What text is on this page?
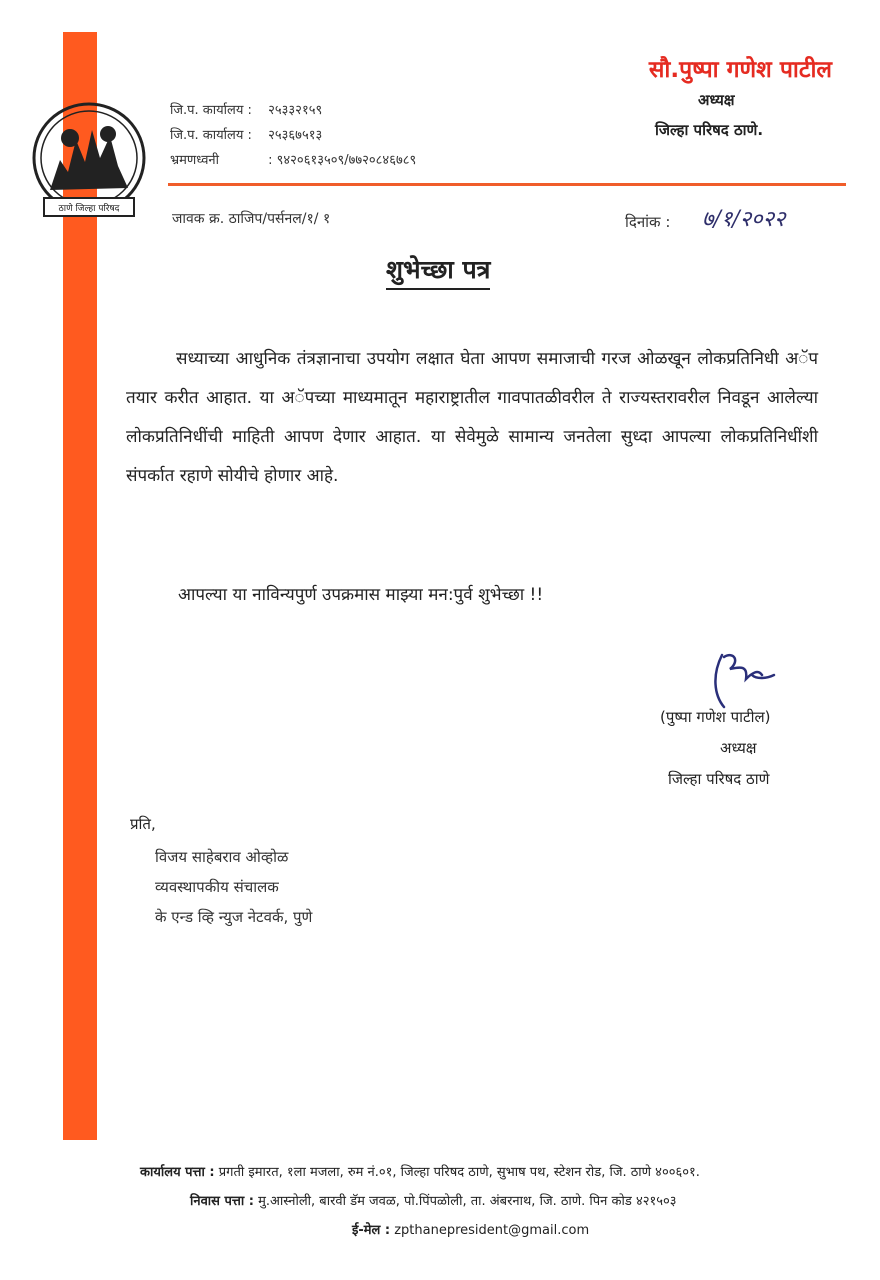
ठाणे जिल्हा परिषद
जि.प. कार्यालय : २५३३२१५९
जि.प. कार्यालय : २५३६७५१३
भ्रमणध्वनी	: ९४२०६१३५०९/७७२०८४६७८९
सौ.पुष्पा गणेश पाटील
अध्यक्ष
जिल्हा परिषद ठाणे.
जावक क्र. ठाजिप/पर्सनल/१/ १	दिनांक : ७/१/२०२२
शुभेच्छा पत्र
सध्याच्या आधुनिक तंत्रज्ञानाचा उपयोग लक्षात घेता आपण समाजाची गरज ओळखून लोकप्रतिनिधी अॅप तयार करीत आहात. या अॅपच्या माध्यमातून महाराष्ट्रातील गावपातळीवरील ते राज्यस्तरावरील निवडून आलेल्या लोकप्रतिनिधींची माहिती आपण देणार आहात. या सेवेमुळे सामान्य जनतेला सुध्दा आपल्या लोकप्रतिनिधींशी संपर्कात रहाणे सोयीचे होणार आहे.
आपल्या या नाविन्यपुर्ण उपक्रमास माझ्या मन:पुर्व शुभेच्छा !!
(पुष्पा गणेश पाटील)
अध्यक्ष
जिल्हा परिषद ठाणे
प्रति,
विजय साहेबराव ओव्होळ
व्यवस्थापकीय संचालक
के एन्ड व्हि न्युज नेटवर्क, पुणे
कार्यालय पत्ता : प्रगती इमारत, १ला मजला, रुम नं.०१, जिल्हा परिषद ठाणे, सुभाष पथ, स्टेशन रोड, जि. ठाणे ४००६०१.
निवास पत्ता : मु.आस्नोली, बारवी डॅम जवळ, पो.पिंपळोली, ता. अंबरनाथ, जि. ठाणे. पिन कोड ४२१५०३
ई-मेल : zpthanepresident@gmail.com
